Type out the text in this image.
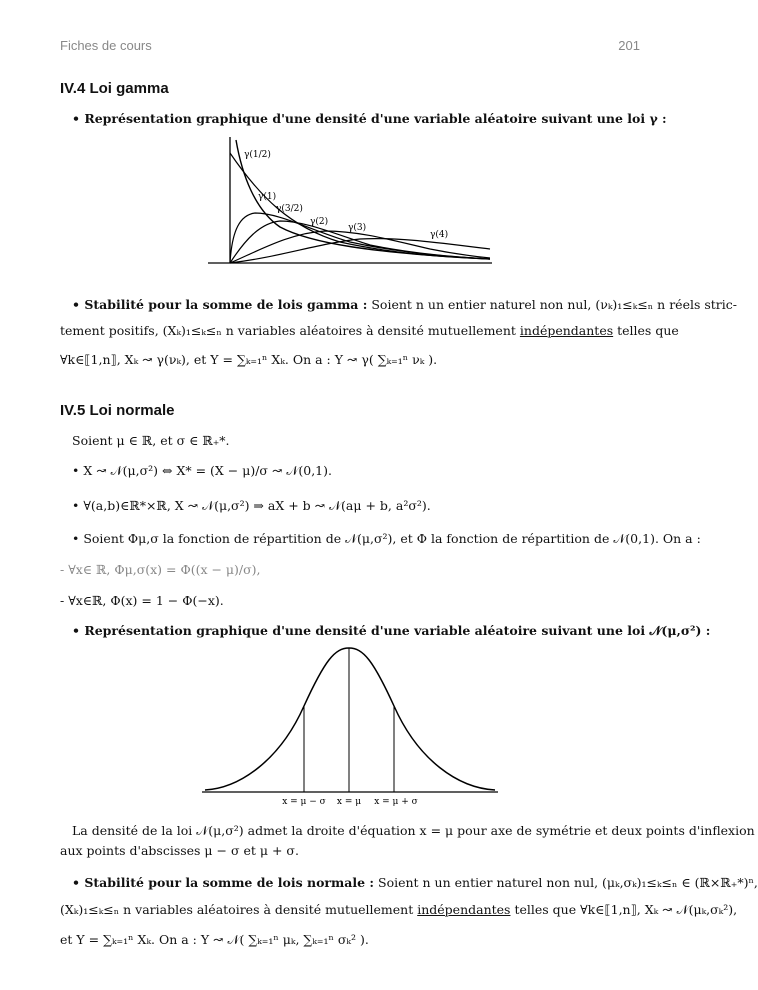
Fiches de cours	201
IV.4 Loi gamma
• Représentation graphique d'une densité d'une variable aléatoire suivant une loi γ :
γ(1/2)
γ(1)
γ(3/2)
γ(2)
γ(3)
γ(4)
• Stabilité pour la somme de lois gamma : Soient n un entier naturel non nul, (νₖ)₁≤ₖ≤ₙ n réels stric-
tement positifs, (Xₖ)₁≤ₖ≤ₙ n variables aléatoires à densité mutuellement indépendantes telles que
∀k∈⟦1,n⟧, Xₖ ↝ γ(νₖ), et Y = ∑ₖ₌₁ⁿ Xₖ. On a : Y ↝ γ( ∑ₖ₌₁ⁿ νₖ ).
IV.5 Loi normale
Soient μ ∈ ℝ, et σ ∈ ℝ₊*.
• X ↝ 𝒩(μ,σ²) ⇔ X* = (X − μ)/σ ↝ 𝒩(0,1).
• ∀(a,b)∈ℝ*×ℝ, X ↝ 𝒩(μ,σ²) ⇒ aX + b ↝ 𝒩(aμ + b, a²σ²).
• Soient Φμ,σ la fonction de répartition de 𝒩(μ,σ²), et Φ la fonction de répartition de 𝒩(0,1). On a :
- ∀x∈ ℝ, Φμ,σ(x) = Φ((x − μ)/σ),
- ∀x∈ℝ, Φ(x) = 1 − Φ(−x).
• Représentation graphique d'une densité d'une variable aléatoire suivant une loi 𝒩(μ,σ²) :
x = μ − σ x = μ x = μ + σ
La densité de la loi 𝒩(μ,σ²) admet la droite d'équation x = μ pour axe de symétrie et deux points d'inflexion
aux points d'abscisses μ − σ et μ + σ.
• Stabilité pour la somme de lois normale : Soient n un entier naturel non nul, (μₖ,σₖ)₁≤ₖ≤ₙ ∈ (ℝ×ℝ₊*)ⁿ,
(Xₖ)₁≤ₖ≤ₙ n variables aléatoires à densité mutuellement indépendantes telles que ∀k∈⟦1,n⟧, Xₖ ↝ 𝒩(μₖ,σₖ²),
et Y = ∑ₖ₌₁ⁿ Xₖ. On a : Y ↝ 𝒩( ∑ₖ₌₁ⁿ μₖ, ∑ₖ₌₁ⁿ σₖ² ).
